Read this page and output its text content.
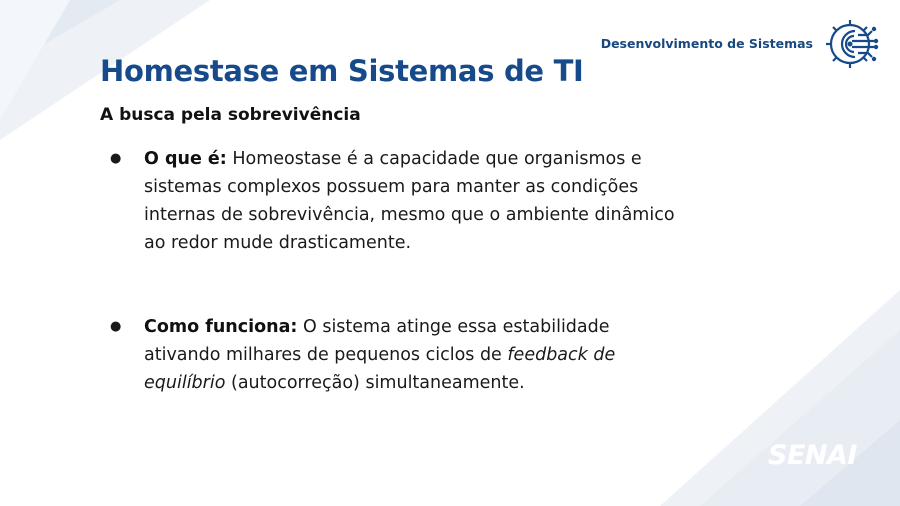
Desenvolvimento de Sistemas
Homestase em Sistemas de TI
A busca pela sobrevivência
●	O que é: Homeostase é a capacidade que organismos e sistemas complexos possuem para manter as condições internas de sobrevivência, mesmo que o ambiente dinâmico ao redor mude drasticamente.
●	Como funciona: O sistema atinge essa estabilidade ativando milhares de pequenos ciclos de feedback de equilíbrio (autocorreção) simultaneamente.
SENAI
